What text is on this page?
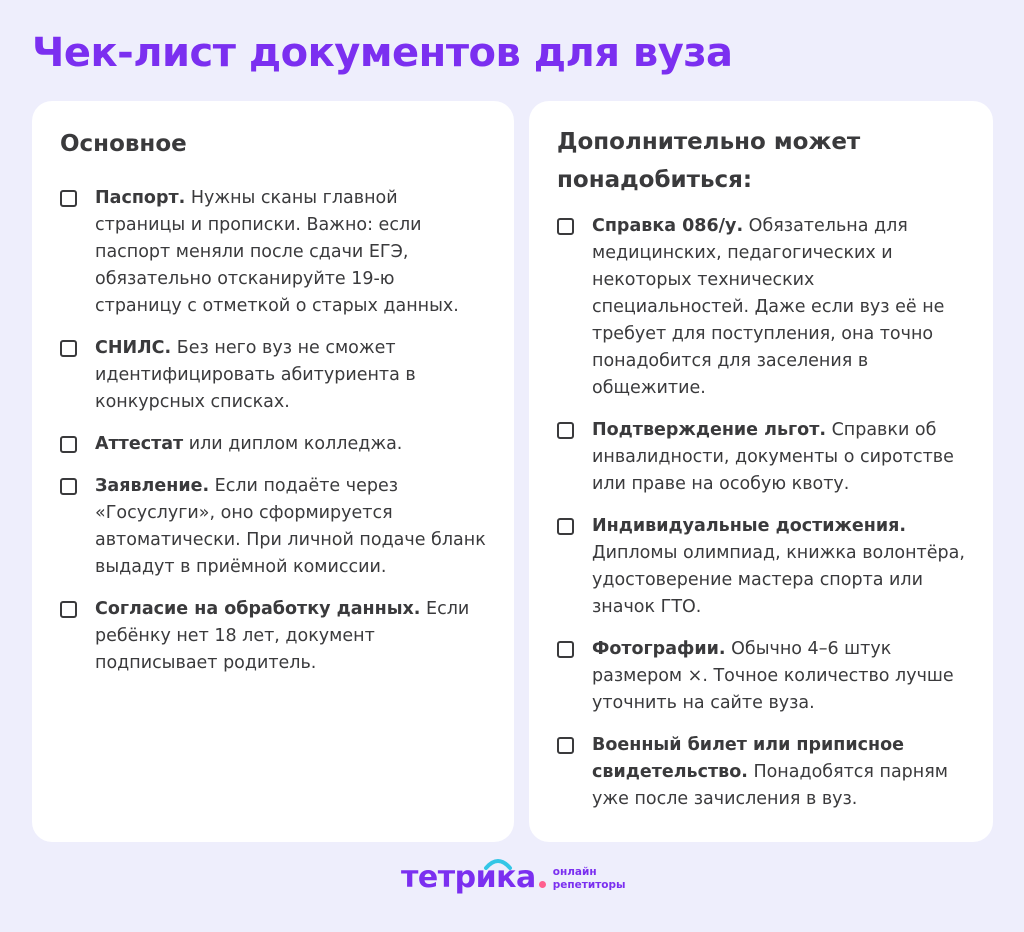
Чек-лист документов для вуза
Основное
Паспорт. Нужны сканы главной страницы и прописки. Важно: если паспорт меняли после сдачи ЕГЭ, обязательно отсканируйте 19-ю страницу с отметкой о старых данных.
СНИЛС. Без него вуз не сможет идентифицировать абитуриента в конкурсных списках.
Аттестат или диплом колледжа.
Заявление. Если подаёте через «Госуслуги», оно сформируется автоматически. При личной подаче бланк выдадут в приёмной комиссии.
Согласие на обработку данных. Если ребёнку нет 18 лет, документ подписывает родитель.
Дополнительно может понадобиться:
Справка 086/у. Обязательна для медицинских, педагогических и некоторых технических специальностей. Даже если вуз её не требует для поступления, она точно понадобится для заселения в общежитие.
Подтверждение льгот. Справки об инвалидности, документы о сиротстве или праве на особую квоту.
Индивидуальные достижения. Дипломы олимпиад, книжка волонтёра, удостоверение мастера спорта или значок ГТО.
Фотографии. Обычно 4–6 штук размером ×. Точное количество лучше уточнить на сайте вуза.
Военный билет или приписное свидетельство. Понадобятся парням уже после зачисления в вуз.
тетрика онлайн
репетиторы
